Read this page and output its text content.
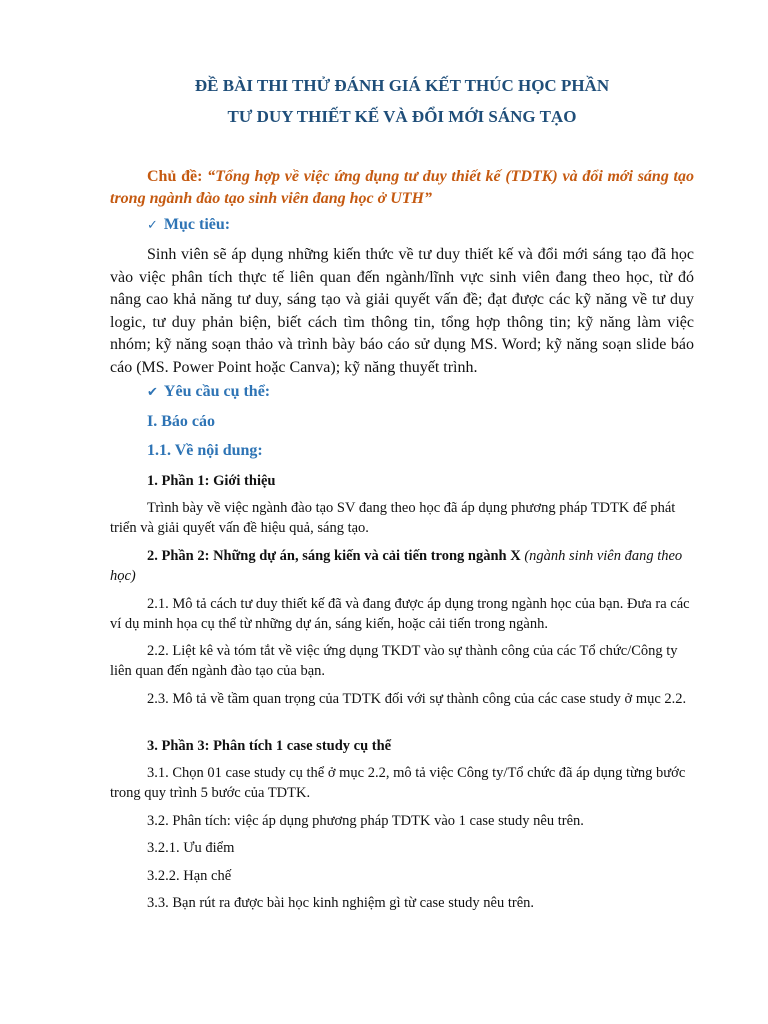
ĐỀ BÀI THI THỬ ĐÁNH GIÁ KẾT THÚC HỌC PHẦN

TƯ DUY THIẾT KẾ VÀ ĐỔI MỚI SÁNG TẠO

Chủ đề: “Tổng hợp về việc ứng dụng tư duy thiết kế (TDTK) và đổi mới sáng tạo trong ngành đào tạo sinh viên đang học ở UTH”
✓ Mục tiêu:
Sinh viên sẽ áp dụng những kiến thức về tư duy thiết kế và đổi mới sáng tạo đã học vào việc phân tích thực tế liên quan đến ngành/lĩnh vực sinh viên đang theo học, từ đó nâng cao khả năng tư duy, sáng tạo và giải quyết vấn đề; đạt được các kỹ năng về tư duy logic, tư duy phản biện, biết cách tìm thông tin, tổng hợp thông tin; kỹ năng làm việc nhóm; kỹ năng soạn thảo và trình bày báo cáo sử dụng MS. Word; kỹ năng soạn slide báo cáo (MS. Power Point hoặc Canva); kỹ năng thuyết trình.
✔ Yêu cầu cụ thể:
I. Báo cáo
1.1. Về nội dung:
1. Phần 1: Giới thiệu
Trình bày về việc ngành đào tạo SV đang theo học đã áp dụng phương pháp TDTK để phát triển và giải quyết vấn đề hiệu quả, sáng tạo.
2. Phần 2: Những dự án, sáng kiến và cải tiến trong ngành X (ngành sinh viên đang theo học)
2.1. Mô tả cách tư duy thiết kế đã và đang được áp dụng trong ngành học của bạn. Đưa ra các ví dụ minh họa cụ thể từ những dự án, sáng kiến, hoặc cải tiến trong ngành.
2.2. Liệt kê và tóm tắt về việc ứng dụng TKDT vào sự thành công của các Tổ chức/Công ty liên quan đến ngành đào tạo của bạn.
2.3. Mô tả về tầm quan trọng của TDTK đối với sự thành công của các case study ở mục 2.2.
3. Phần 3: Phân tích 1 case study cụ thể
3.1. Chọn 01 case study cụ thể ở mục 2.2, mô tả việc Công ty/Tổ chức đã áp dụng từng bước trong quy trình 5 bước của TDTK.
3.2. Phân tích: việc áp dụng phương pháp TDTK vào 1 case study nêu trên.
3.2.1. Ưu điểm
3.2.2. Hạn chế
3.3. Bạn rút ra được bài học kinh nghiệm gì từ case study nêu trên.
